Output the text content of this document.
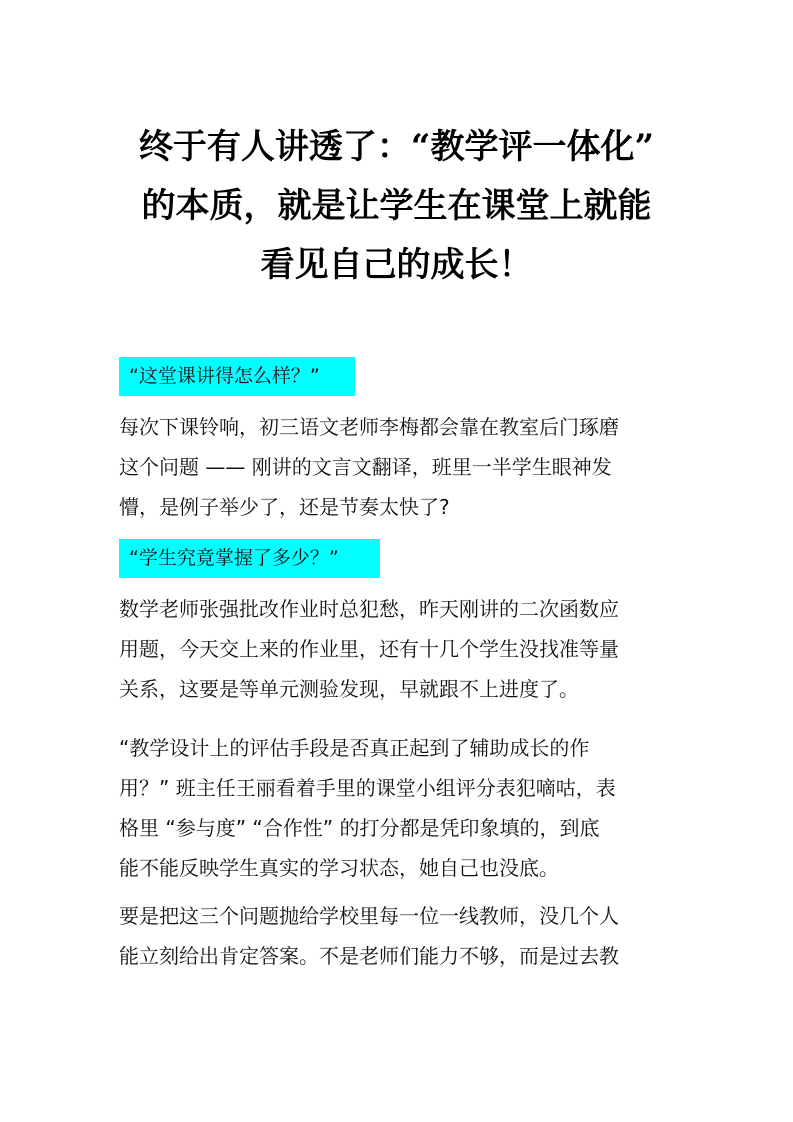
终于有人讲透了：“教学评一体化”
的本质，就是让学生在课堂上就能
看见自己的成长！
“这堂课讲得怎么样？”

每次下课铃响，初三语文老师李梅都会靠在教室后门琢磨
这个问题 —— 刚讲的文言文翻译，班里一半学生眼神发
懵，是例子举少了，还是节奏太快了?

“学生究竟掌握了多少？”

数学老师张强批改作业时总犯愁，昨天刚讲的二次函数应
用题，今天交上来的作业里，还有十几个学生没找准等量
关系，这要是等单元测验发现，早就跟不上进度了。

“教学设计上的评估手段是否真正起到了辅助成长的作
用？” 班主任王丽看着手里的课堂小组评分表犯嘀咕，表
格里 “参与度” “合作性” 的打分都是凭印象填的，到底
能不能反映学生真实的学习状态，她自己也没底。

要是把这三个问题抛给学校里每一位一线教师，没几个人
能立刻给出肯定答案。不是老师们能力不够，而是过去教
